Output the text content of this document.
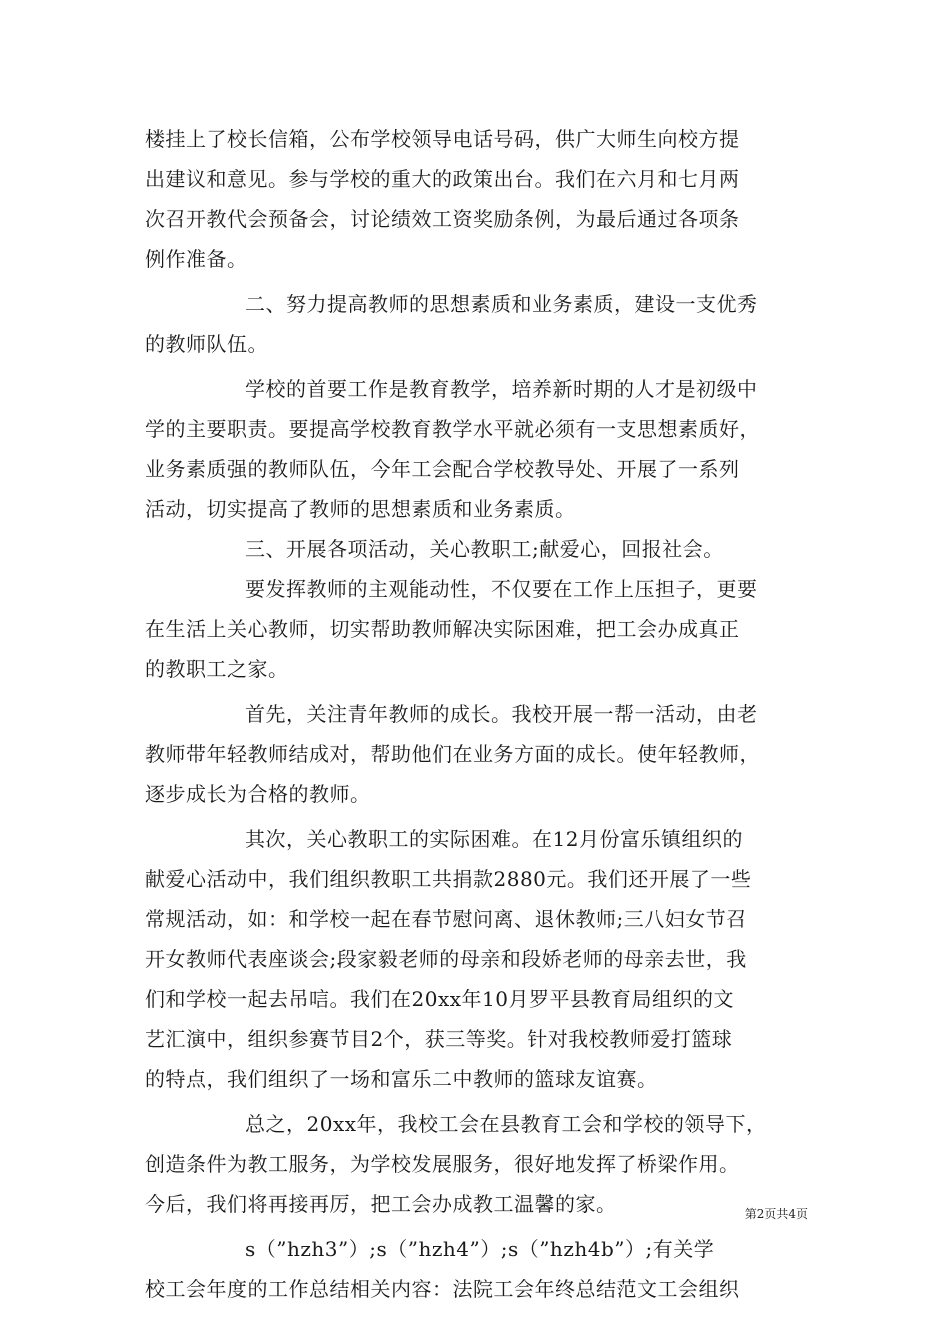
楼挂上了校长信箱，公布学校领导电话号码，供广大师生向校方提
出建议和意见。参与学校的重大的政策出台。我们在六月和七月两
次召开教代会预备会，讨论绩效工资奖励条例，为最后通过各项条
例作准备。
二、努力提高教师的思想素质和业务素质，建设一支优秀
的教师队伍。
学校的首要工作是教育教学，培养新时期的人才是初级中
学的主要职责。要提高学校教育教学水平就必须有一支思想素质好，
业务素质强的教师队伍，今年工会配合学校教导处、开展了一系列
活动，切实提高了教师的思想素质和业务素质。
三、开展各项活动，关心教职工;献爱心，回报社会。
要发挥教师的主观能动性，不仅要在工作上压担子，更要
在生活上关心教师，切实帮助教师解决实际困难，把工会办成真正
的教职工之家。
首先，关注青年教师的成长。我校开展一帮一活动，由老
教师带年轻教师结成对，帮助他们在业务方面的成长。使年轻教师，
逐步成长为合格的教师。
其次，关心教职工的实际困难。在12月份富乐镇组织的
献爱心活动中，我们组织教职工共捐款2880元。我们还开展了一些
常规活动，如：和学校一起在春节慰问离、退休教师;三八妇女节召
开女教师代表座谈会;段家毅老师的母亲和段娇老师的母亲去世，我
们和学校一起去吊唁。我们在20xx年10月罗平县教育局组织的文
艺汇演中，组织参赛节目2个，获三等奖。针对我校教师爱打篮球
的特点，我们组织了一场和富乐二中教师的篮球友谊赛。
总之，20xx年，我校工会在县教育工会和学校的领导下，
创造条件为教工服务，为学校发展服务，很好地发挥了桥梁作用。
今后，我们将再接再厉，把工会办成教工温馨的家。
s（”hzh3”）;s（”hzh4”）;s（”hzh4b”）;有关学
校工会年度的工作总结相关内容：法院工会年终总结范文工会组织
第2页共4页
